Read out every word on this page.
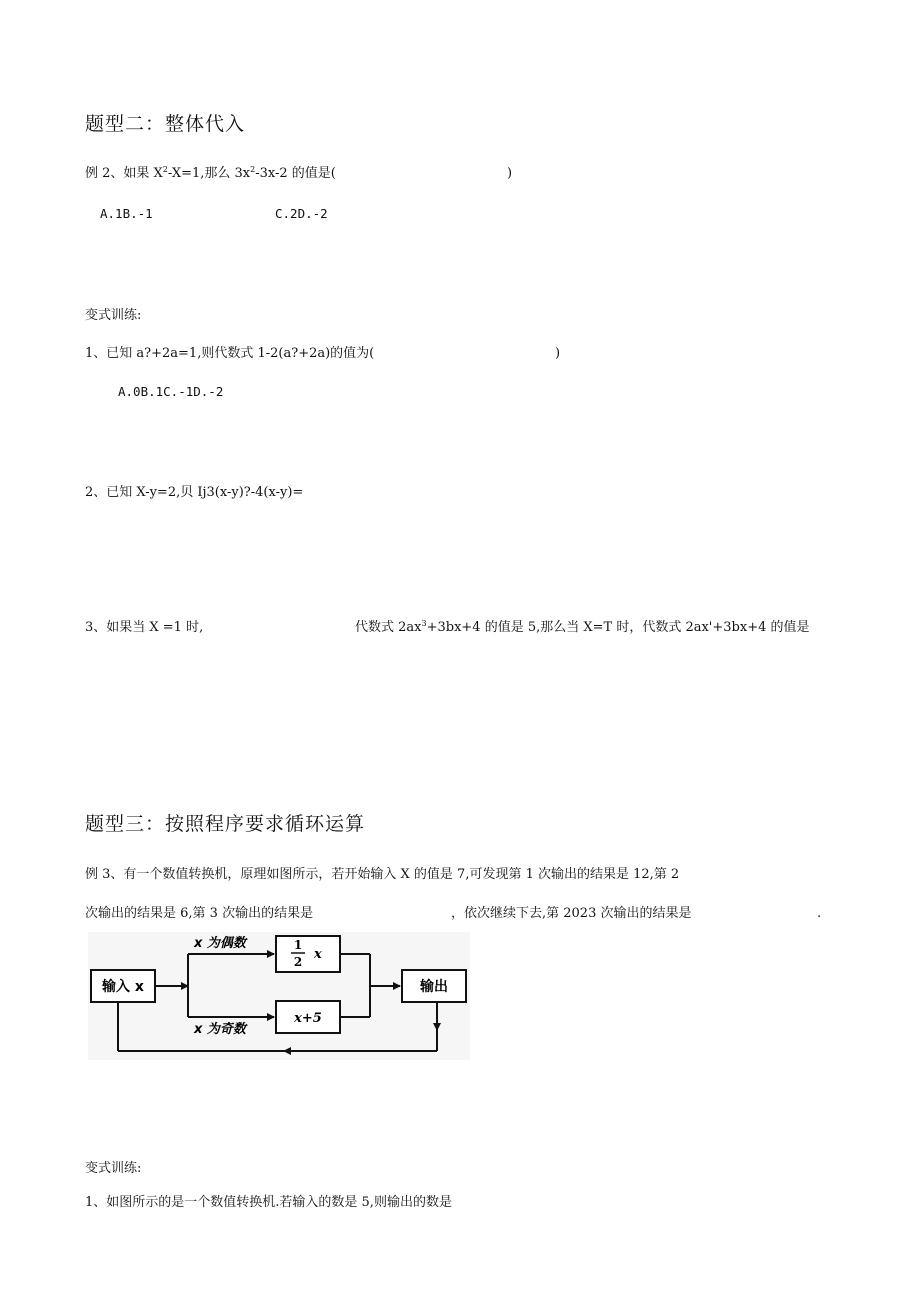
题型二：整体代入
例 2、如果 $X^2-X=1$,那么 $3x^2-3x-2$ 的值是(	)
A.1B.-1	C.2D.-2
变式训练:
1、已知 a?+2a=1,则代数式 1-2(a?+2a)的值为(	)
A.0B.1C.-1D.-2
2、已知 X-y=2,贝 Ij3(x-y)?-4(x-y)=
3、如果当 X =1 时,	代数式 $2ax^3+3bx+4$ 的值是 5,那么当 X=T 时，代数式 2ax'+3bx+4 的值是
题型三：按照程序要求循环运算
例 3、有一个数值转换机，原理如图所示，若开始输入 X 的值是 7,可发现第 1 次输出的结果是 12,第 2
次输出的结果是 6,第 3 次输出的结果是	，依次继续下去,第 2023 次输出的结果是	.
输入 x
x 为偶数
x 为奇数
1
2 x
x+5
输出
变式训练:
1、如图所示的是一个数值转换机.若输入的数是 5,则输出的数是
